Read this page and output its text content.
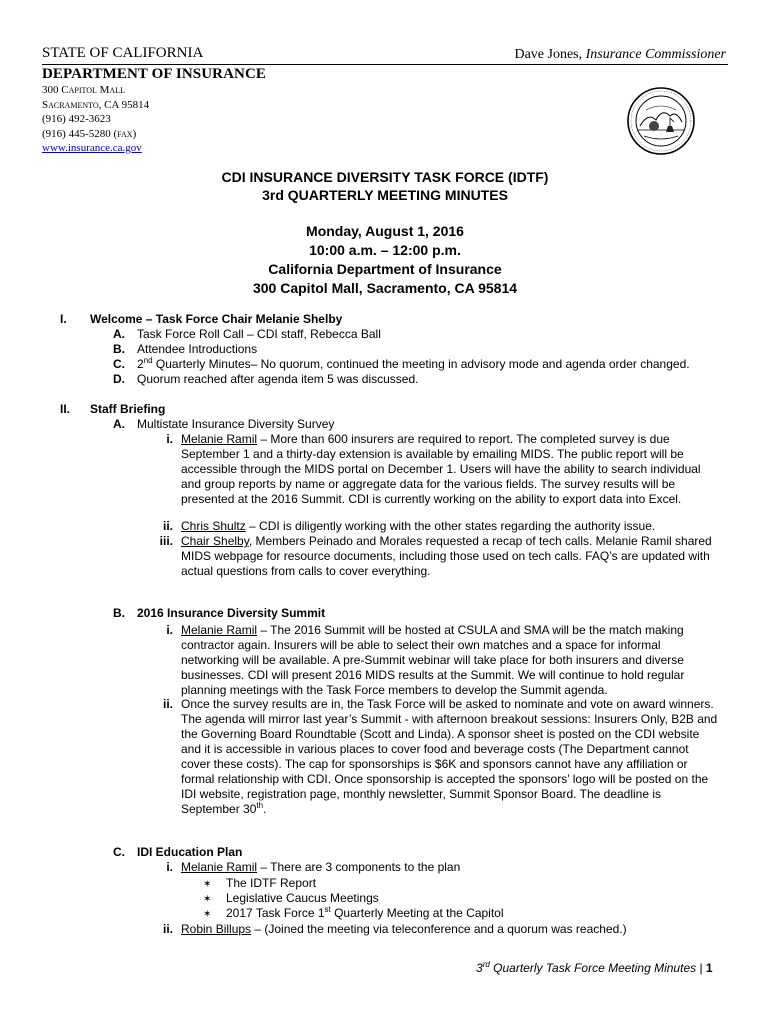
STATE OF CALIFORNIA	Dave Jones, Insurance Commissioner
DEPARTMENT OF INSURANCE
300 Capitol Mall
Sacramento, CA 95814
(916) 492-3623
(916) 445-5280 (fax)
www.insurance.ca.gov
CDI INSURANCE DIVERSITY TASK FORCE (IDTF)
3rd QUARTERLY MEETING MINUTES
Monday, August 1, 2016
10:00 a.m. – 12:00 p.m.
California Department of Insurance
300 Capitol Mall, Sacramento, CA 95814
I. Welcome – Task Force Chair Melanie Shelby
A. Task Force Roll Call – CDI staff, Rebecca Ball
B. Attendee Introductions
C. 2nd Quarterly Minutes– No quorum, continued the meeting in advisory mode and agenda order changed.
D. Quorum reached after agenda item 5 was discussed.
II. Staff Briefing
A. Multistate Insurance Diversity Survey
i. Melanie Ramil – More than 600 insurers are required to report. The completed survey is due September 1 and a thirty-day extension is available by emailing MIDS. The public report will be accessible through the MIDS portal on December 1. Users will have the ability to search individual and group reports by name or aggregate data for the various fields. The survey results will be presented at the 2016 Summit. CDI is currently working on the ability to export data into Excel.
ii. Chris Shultz – CDI is diligently working with the other states regarding the authority issue.
iii. Chair Shelby, Members Peinado and Morales requested a recap of tech calls. Melanie Ramil shared MIDS webpage for resource documents, including those used on tech calls. FAQ’s are updated with actual questions from calls to cover everything.
B. 2016 Insurance Diversity Summit
i. Melanie Ramil – The 2016 Summit will be hosted at CSULA and SMA will be the match making contractor again. Insurers will be able to select their own matches and a space for informal networking will be available. A pre-Summit webinar will take place for both insurers and diverse businesses. CDI will present 2016 MIDS results at the Summit. We will continue to hold regular planning meetings with the Task Force members to develop the Summit agenda.
ii. Once the survey results are in, the Task Force will be asked to nominate and vote on award winners. The agenda will mirror last year’s Summit - with afternoon breakout sessions: Insurers Only, B2B and the Governing Board Roundtable (Scott and Linda). A sponsor sheet is posted on the CDI website and it is accessible in various places to cover food and beverage costs (The Department cannot cover these costs). The cap for sponsorships is $6K and sponsors cannot have any affiliation or formal relationship with CDI. Once sponsorship is accepted the sponsors’ logo will be posted on the IDI website, registration page, monthly newsletter, Summit Sponsor Board. The deadline is September 30th.
C. IDI Education Plan
i. Melanie Ramil – There are 3 components to the plan
✶ The IDTF Report
✶ Legislative Caucus Meetings
✶ 2017 Task Force 1st Quarterly Meeting at the Capitol
ii. Robin Billups – (Joined the meeting via teleconference and a quorum was reached.)
3rd Quarterly Task Force Meeting Minutes | 1
